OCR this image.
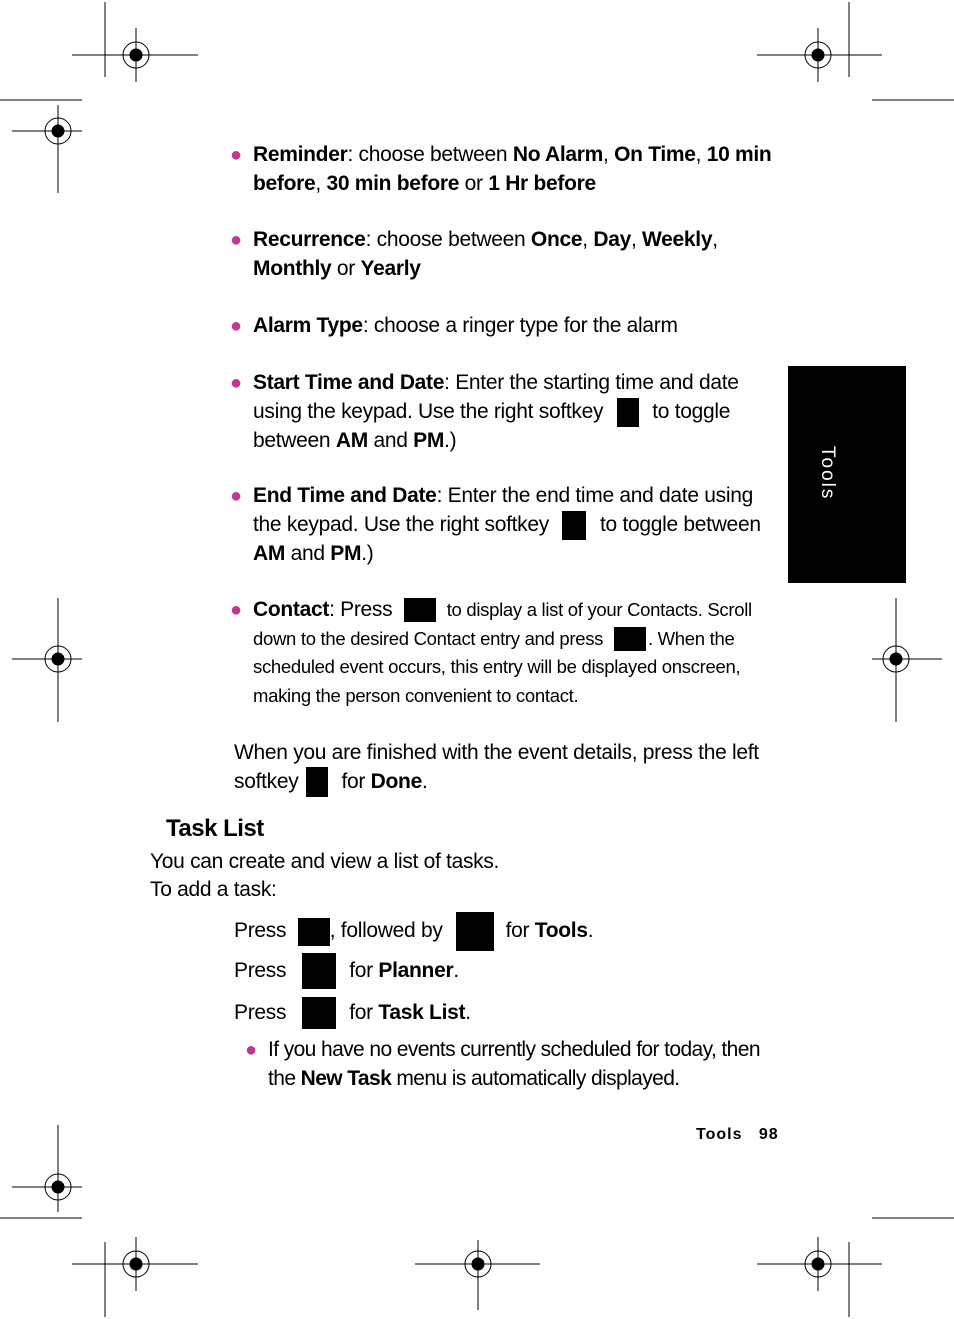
Tools
● Reminder: choose between No Alarm, On Time, 10 min before, 30 min before or 1 Hr before
● Recurrence: choose between Once, Day, Weekly, Monthly or Yearly
● Alarm Type: choose a ringer type for the alarm
● Start Time and Date: Enter the starting time and date using the keypad. Use the right softkey  to toggle between AM and PM.)
● End Time and Date: Enter the end time and date using the keypad. Use the right softkey  to toggle between AM and PM.)
● Contact: Press  to display a list of your Contacts. Scroll down to the desired Contact entry and press . When the scheduled event occurs, this entry will be displayed onscreen, making the person convenient to contact.
When you are finished with the event details, press the left softkey  for Done.
Task List
You can create and view a list of tasks.
To add a task:
Press , followed by  for Tools.
Press  for Planner.
Press  for Task List.
● If you have no events currently scheduled for today, then the New Task menu is automatically displayed.
Tools 98
